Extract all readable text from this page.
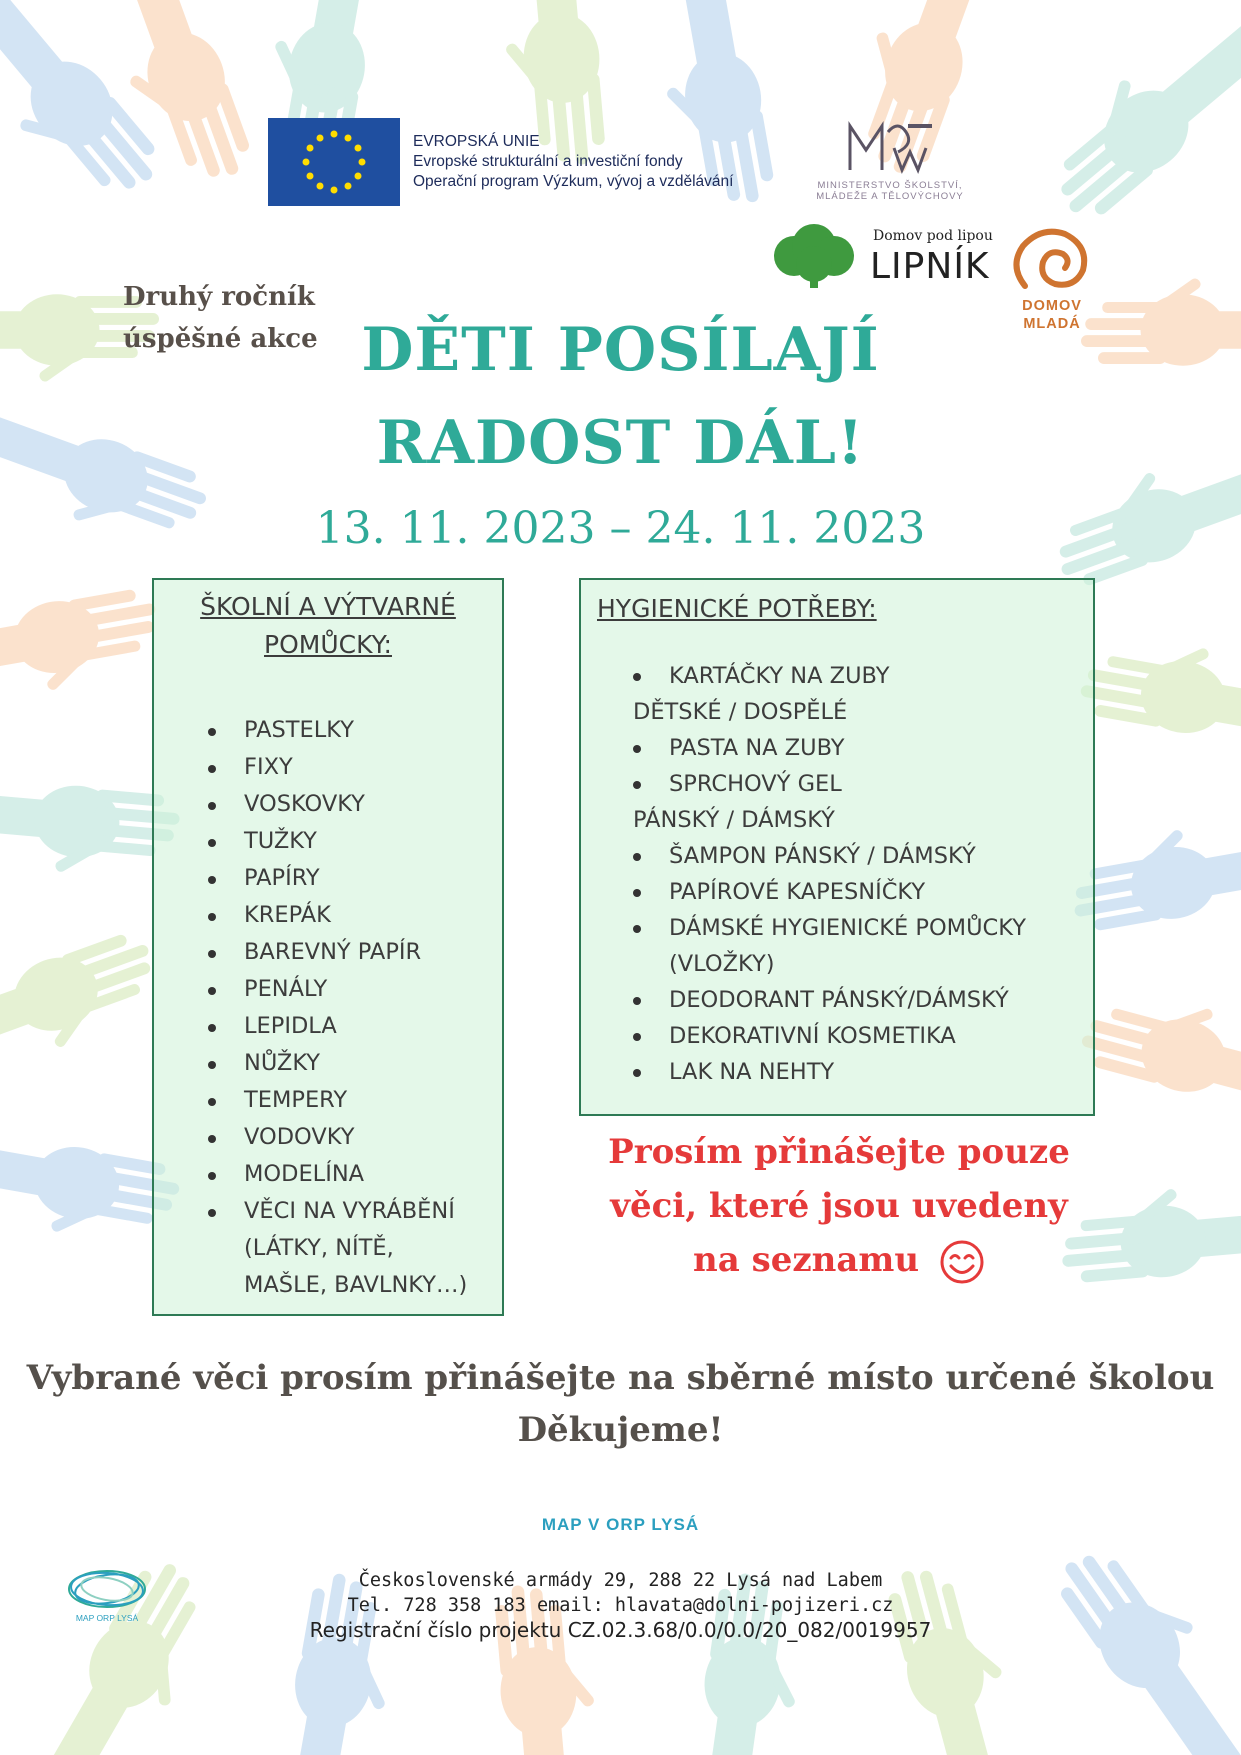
EVROPSKÁ UNIE
Evropské strukturální a investiční fondy
Operační program Výzkum, vývoj a vzdělávání	MINISTERSTVO ŠKOLSTVÍ,
MLÁDEŽE A TĚLOVÝCHOVY
Domov pod lipou
LIPNÍK
DOMOV
MLADÁ
Druhý ročník
úspěšné akce DĚTI POSÍLAJÍ
RADOST DÁL!
13. 11. 2023 – 24. 11. 2023
ŠKOLNÍ A VÝTVARNÉ
POMŮCKY:
PASTELKY
FIXY
VOSKOVKY
TUŽKY
PAPÍRY
KREPÁK
BAREVNÝ PAPÍR
PENÁLY
LEPIDLA
NŮŽKY
TEMPERY
VODOVKY
MODELÍNA
VĚCI NA VYRÁBĚNÍ
(LÁTKY, NÍTĚ,
MAŠLE, BAVLNKY…)
HYGIENICKÉ POTŘEBY:
KARTÁČKY NA ZUBY
DĚTSKÉ / DOSPĚLÉ
PASTA NA ZUBY
SPRCHOVÝ GEL
PÁNSKÝ / DÁMSKÝ
ŠAMPON PÁNSKÝ / DÁMSKÝ
PAPÍROVÉ KAPESNÍČKY
DÁMSKÉ HYGIENICKÉ POMŮCKY
(VLOŽKY)
DEODORANT PÁNSKÝ/DÁMSKÝ
DEKORATIVNÍ KOSMETIKA
LAK NA NEHTY
Prosím přinášejte pouze
věci, které jsou uvedeny
na seznamu
Vybrané věci prosím přinášejte na sběrné místo určené školou
Děkujeme!
MAP V ORP LYSÁ
Československé armády 29, 288 22 Lysá nad Labem
Tel. 728 358 183 email: hlavata@dolni-pojizeri.cz
Registrační číslo projektu CZ.02.3.68/0.0/0.0/20_082/0019957
MAP ORP LYSÁ
